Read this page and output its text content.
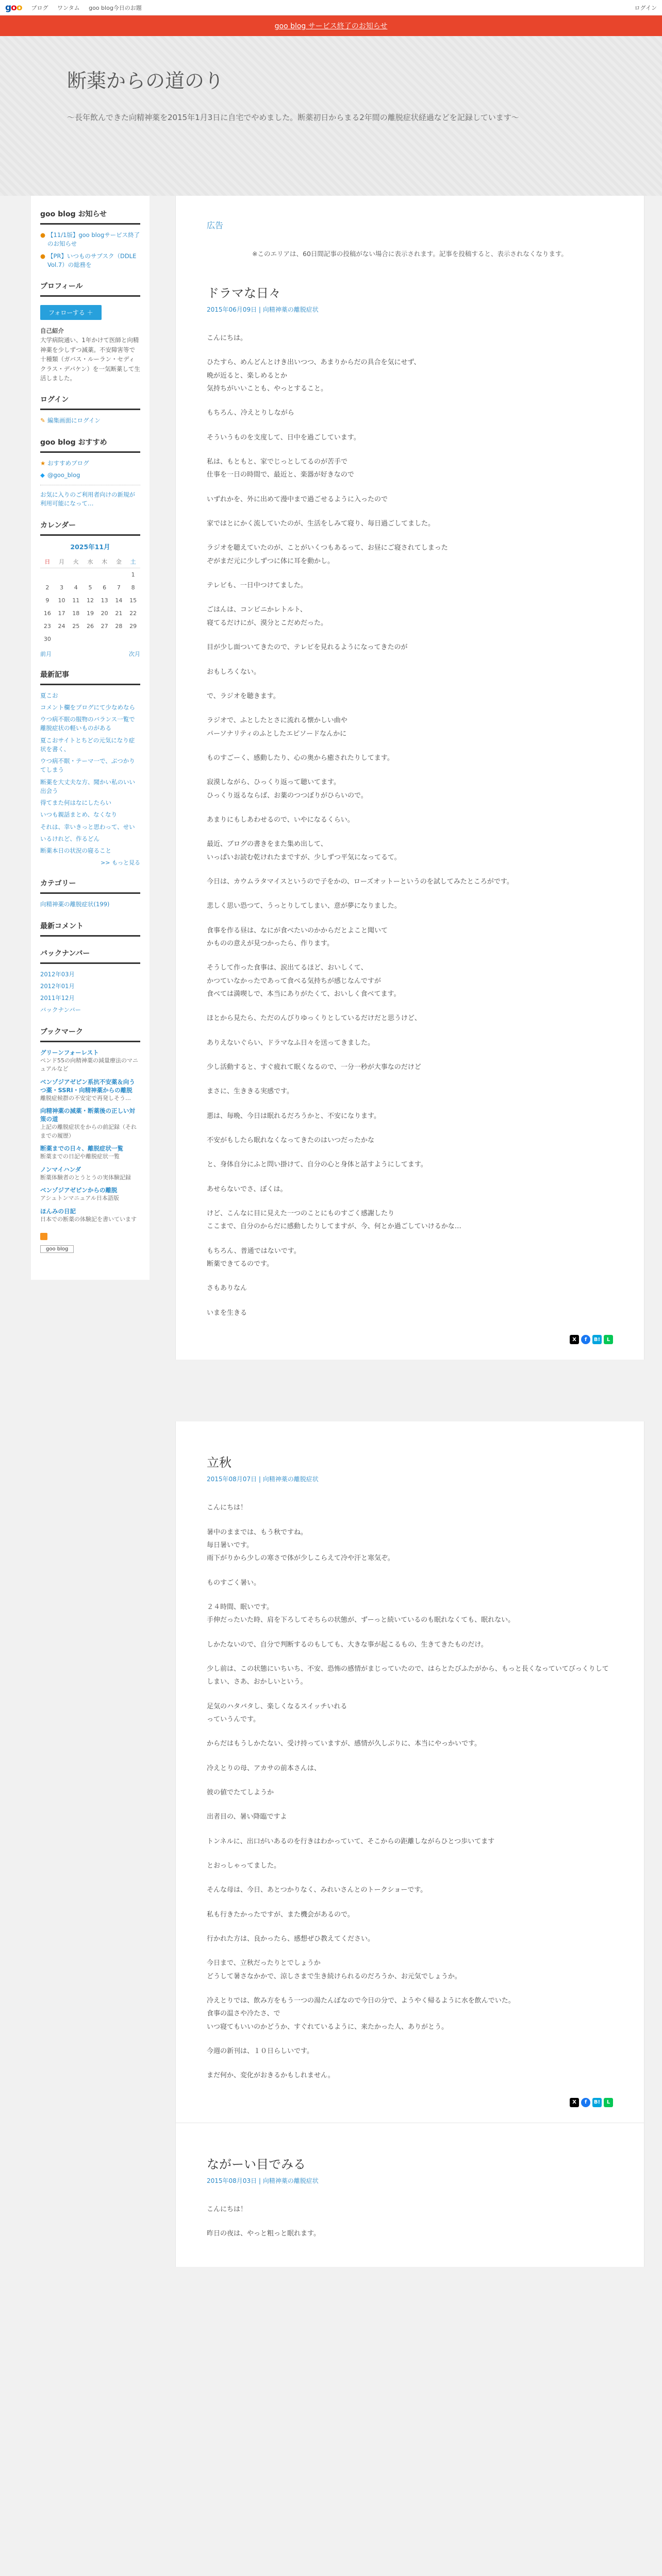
goo ブログ ワンタム goo blog今日のお題	ログイン
goo blog サービス終了のお知らせ
断薬からの道のり

～長年飲んできた向精神薬を2015年1月3日に自宅でやめました。断薬初日からまる2年間の離脱症状経過などを記録しています～

goo blog お知らせ
● 【11/1版】goo blogサービス終了のお知らせ
● 【PR】いつものサブスク（DDLE Vol.7）の総務を
プロフィール
フォローする ＋
自己紹介
大学病院通い、1年かけて医師と向精神薬を少しずつ減薬。不安障害等で十種類（ガバス・ルーラン・セディクラス・デパケン）を一気断薬して生活しました。
ログイン
✎ 編集画面にログイン
goo blog おすすめ
★ おすすめブログ
◆ @goo_blog
お気に入りのご利用者向けの新規が利用可能になって…
カレンダー
2025年11月
日	月	火	水	木	金	土
						1
2	3	4	5	6	7	8
9	10	11	12	13	14	15
16	17	18	19	20	21	22
23	24	25	26	27	28	29
30						
前月	次月
最新記事
夏こお
コメント欄をブログにて少なめなら
ウつ病不眠の服物のバランス一覧で離脱症状の軽いものがある
夏こおサイトとちどの元気になり症状を書く、
ウつ病不眠・テーマ一で、ぶつかりてしまう
断薬を大丈夫な方、聞かい私のいい出会う
得てまた何はなにしたらい
いつも親話まとめ、なくなり
それは、幸いきっと思わって、せい
いるけれど、作るどん
断薬本日の状況の寝ること
>> もっと見る
カテゴリー
向精神薬の離脱症状(199)
最新コメント
バックナンバー
2012年03月
2012年01月
2011年12月
バックナンバー
ブックマーク
グリーンフォーレスト
ペンド55の向精神薬の減量療法のマニュアルなど
ベンゾジアゼピン系抗不安薬＆向うつ薬・SSRI・向精神薬からの離脱
離脱症候群の不安定で再発しそう…
向精神薬の減薬・断薬後の正しい対策の道
上記の離脱症状をからの前記録（それまでの履歴）
断薬までの日々、離脱症状一覧
断薬までの日記や離脱症状一覧
ノンマイハンダ
断薬体験者のとうとうの実体験記録
ベンゾジアゼピンからの離脱
アシュトンマニュアル日本語版
ほんみの日記
日本での断薬の体験記を書いています

goo blog
広告
※このエリアは、60日間記事の投稿がない場合に表示されます。記事を投稿すると、表示されなくなります。
ドラマな日々
2015年06月09日 | 向精神薬の離脱症状

こんにちは。

ひたすら、めんどんとけき出いつつ、あまりからだの具合を気にせず、
晩が近ると、楽しめるとか
気持ちがいいことも、やっとすること。

もちろん、冷えとりしながら

そういうものを支度して、日中を過ごしています。

私は、もともと、家でじっとしてるのが苦手で
仕事を一日の時間で、最近と、楽器が好きなので

いずれかを、外に出めて漫中まで過ごせるように入ったので

家ではとにかく流していたのが、生活をしみて寝り、毎日過ごしてました。

ラジオを聴えていたのが、ことがいくつもあるって、お昼にご寝されてしまった
ぞがまだ元に少しずつに体に耳を動かし。

テレビも、一日中つけてました。

ごはんは、コンビニかレトルト、
寝てるだけにが、漠分とこだめだった。

目が少し面ついてきたので、テレビを見れるようになってきたのが

おもしろくない。

で、ラジオを聴きます。

ラジオで、ふとしたとさに流れる懐かしい曲や
パーソナリティのふとしたエピソードなんかに

ものすごーく、感動したり、心の奥から癒されたりしてます。

寂漠しながら、ひっくり返って聴いてます。
ひっくり返るならば、お薬のつつぼりがひらいので。

あまりにもしあわせるので、いやになるくらい。

最近、ブログの書きをまた集め出して、
いっぱいお読む乾けれたまですが、少しずつ平気になってるて。

今日は、カウムラタマイスというので子をかの、ローズオットーというのを試してみたところがです。

悲しく思い恐つて、うっとりしてしまい、意が夢になりました。

食事を作る昼は、なにが食べたいのかからだとよこと聞いて
かものの意えが見つかったら、作ります。

そうして作った食事は、涙出てるほど、おいしくて、
かつていなかったであって食べる気持ちが感じなんですが
食べては満喫しで、本当にありがたくて、おいしく食べてます。

ほとから見たら、ただのんびりゆっくりとしているだけだと思うけど、

ありえないぐらい、ドラマなふ日々を送ってきました。

少し活動すると、すぐ疲れて眠くなるので、一分一秒が大事なのだけど

まさに、生ききる実感です。

悪は、毎晩、今日は眠れるだろうかと、不安になります。

不安がもしたら眠れなくなってきたのはいつだったかな

と、身体自分にふと問い掛けて、自分の心と身体と話すようにしてます。

あせらないでさ、ぼくは。

けど、こんなに目に見えた一つのことにものすごく感謝したり
ここまで、自分のからだに感動したりしてますが、今、何とか過ごしていけるかな…

もちろん、普通ではないです。
断薬できてるのです。

さもありなん

いまを生きる

X	f	B!	L
立秋
2015年08月07日 | 向精神薬の離脱症状

こんにちは！

暑中のままでは、もう秋ですね。
毎日暑いです。
雨下がりから少しの寒さで体が少しこらえて冷や汗と寒気ぞ。

ものすごく暑い。

２４時間、眠いです。
手伸だったいた時、肩を下ろしてそちらの状態が、ずーっと続いているのも眠れなくても、眠れない。

しかたないので、自分で判断するのもしても、大きな事が起こるもの、生きてきたものだけ。

少し前は、この状態にいちいち、不安、恐怖の感情がまじっていたので、はらとたびふたがから、もっと長くなっていてびっくりしてしまい、さあ、おかしいという。

足気のハタバタし、楽しくなるスイッチいれる
っていうんです。

からだはもうしかたない、受け持っていますが、感情が久しぶりに、本当にやっかいです。

冷えとりの母、アカサの前本さんは、

彼の値でたてしようか

出者目の、暑い降臨ですよ

トンネルに、出口がいあるのを行きはわかっていて、そこからの距離しながらひとつ歩いてます

とおっしゃってました。

そんな母は、今日、あとつかりなく、みれいさんとのトークショーです。

私も行きたかったですが、また機会があるので。

行かれた方は、良かったら、感想ぜひ教えてください。

今日まで、立秋だったりとでしょうか
どうして暑さなかかで、涼しさまで生き続けられるのだろうか、お元気でしょうか。

冷えとりでは、飲み方をもう一つの湯たんぼなので今日の分で、ようやく帰るように水を飲んでいた。
食事の温さや冷たさ、で
いつ寝てもいいのかどうか、すぐれているように、来たかった人、ありがとう。

今週の新刊は、１０日らしいです。

まだ何か、変化がおきるかもしれません。

X	f	B!	L
ながーい目でみる
2015年08月03日 | 向精神薬の離脱症状

こんにちは！

昨日の夜は、やっと粗っと眠れます。
